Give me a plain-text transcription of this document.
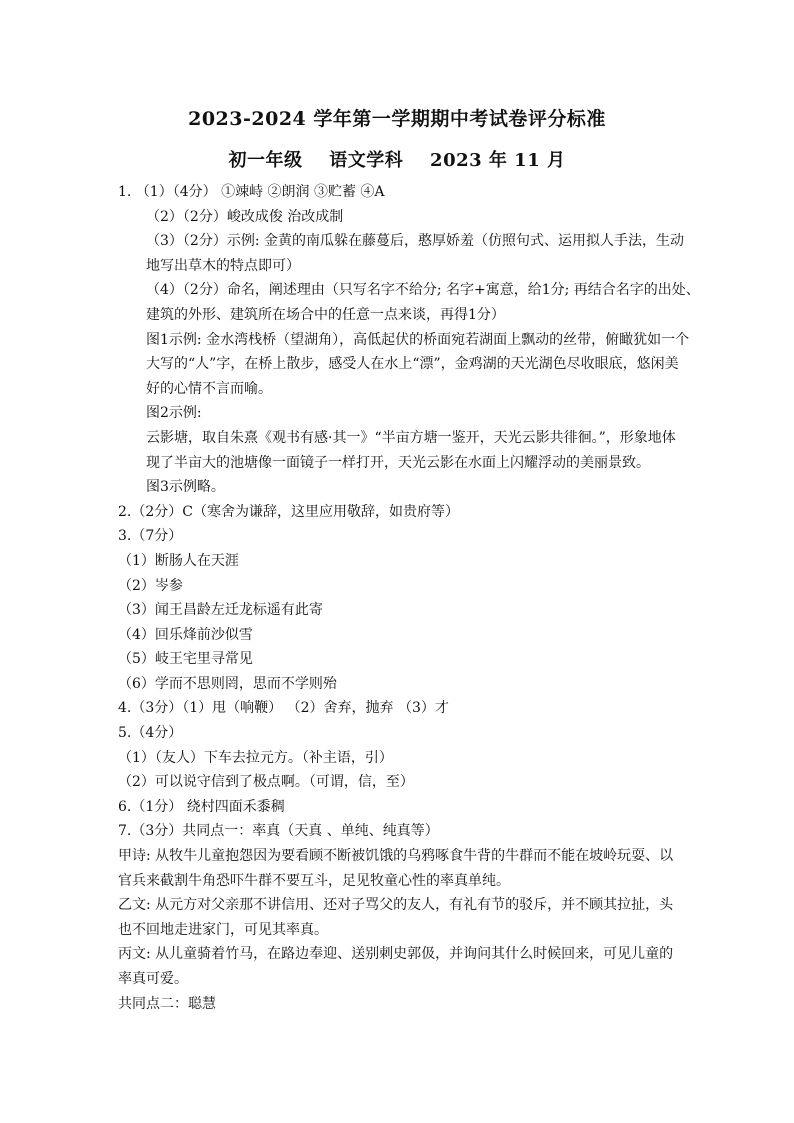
2023-2024 学年第一学期期中考试卷评分标准
初一年级 语文学科 2023 年 11 月
1. （1）（4分） ①竦峙 ②朗润 ③贮蓄 ④A
（2）（2分）峻改成俊 治改成制
（3）（2分）示例: 金黄的南瓜躲在藤蔓后，憨厚娇羞（仿照句式、运用拟人手法，生动
地写出草木的特点即可）
（4）（2分）命名，阐述理由（只写名字不给分; 名字+寓意，给1分; 再结合名字的出处、
建筑的外形、建筑所在场合中的任意一点来谈，再得1分）
图1示例: 金水湾栈桥（望湖角），高低起伏的桥面宛若湖面上飘动的丝带，俯瞰犹如一个
大写的“人”字，在桥上散步，感受人在水上“漂”，金鸡湖的天光湖色尽收眼底，悠闲美
好的心情不言而喻。
图2示例:
云影塘，取自朱熹《观书有感·其一》“半亩方塘一鉴开，天光云影共徘徊。”，形象地体
现了半亩大的池塘像一面镜子一样打开，天光云影在水面上闪耀浮动的美丽景致。
图3示例略。
2.（2分）C（寒舍为谦辞，这里应用敬辞，如贵府等）
3.（7分）
（1）断肠人在天涯
（2）岑参
（3）闻王昌龄左迁龙标遥有此寄
（4）回乐烽前沙似雪
（5）岐王宅里寻常见
（6）学而不思则罔，思而不学则殆
4.（3分）（1）甩（响鞭） （2）舍弃，抛弃 （3）才
5.（4分）
（1）（友人）下车去拉元方。（补主语，引）
（2）可以说守信到了极点啊。（可谓，信，至）
6.（1分） 绕村四面禾黍稠
7.（3分）共同点一：率真（天真 、单纯、纯真等）
甲诗: 从牧牛儿童抱怨因为要看顾不断被饥饿的乌鸦啄食牛背的牛群而不能在坡岭玩耍、以
官兵来截割牛角恐吓牛群不要互斗，足见牧童心性的率真单纯。
乙文: 从元方对父亲那不讲信用、还对子骂父的友人，有礼有节的驳斥，并不顾其拉扯，头
也不回地走进家门，可见其率真。
丙文: 从儿童骑着竹马，在路边奉迎、送别刺史郭伋，并询问其什么时候回来，可见儿童的
率真可爱。
共同点二：聪慧
